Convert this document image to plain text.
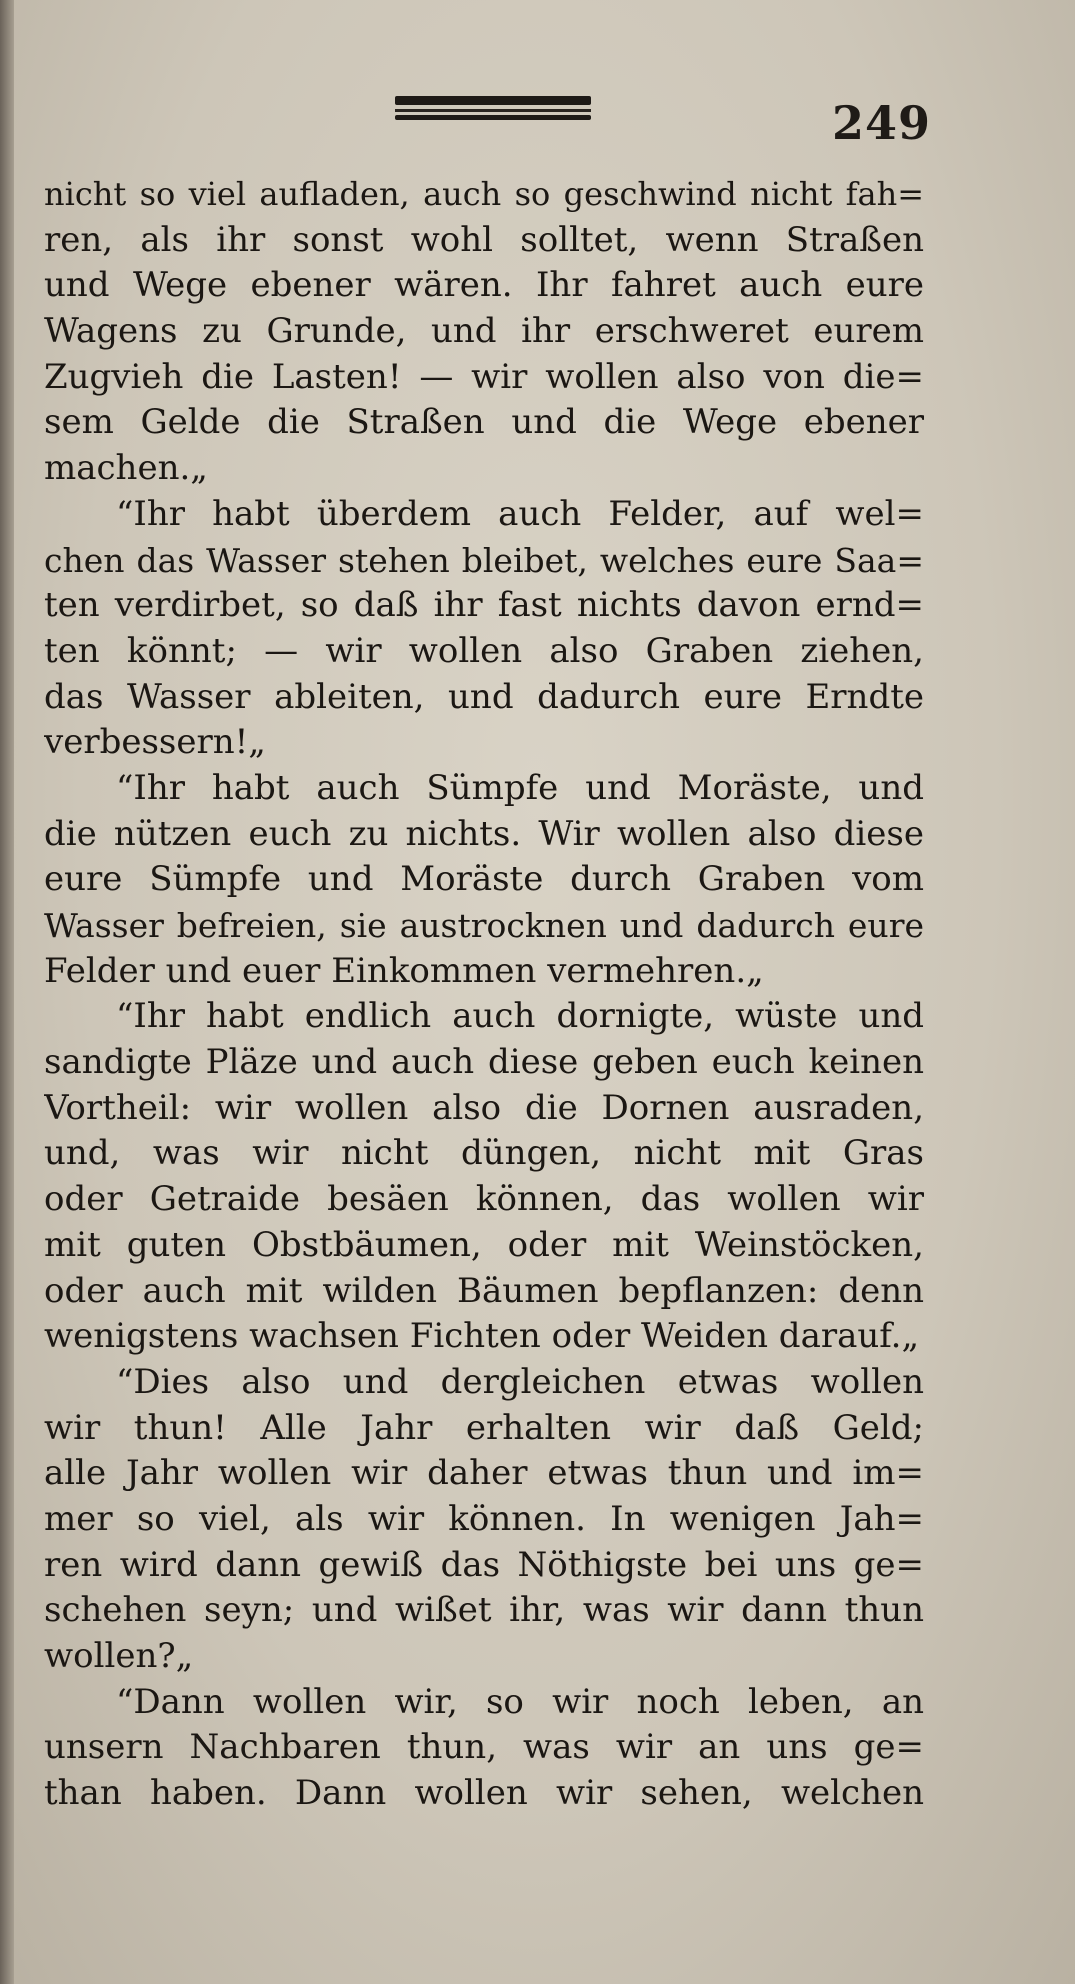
249
nicht so viel aufladen, auch so geschwind nicht fah=
ren, als ihr sonst wohl solltet, wenn Straßen
und Wege ebener wären. Ihr fahret auch eure
Wagens zu Grunde, und ihr erschweret eurem
Zugvieh die Lasten! — wir wollen also von die=
sem Gelde die Straßen und die Wege ebener
machen.„
“Ihr habt überdem auch Felder, auf wel=
chen das Wasser stehen bleibet, welches eure Saa=
ten verdirbet, so daß ihr fast nichts davon ernd=
ten könnt; — wir wollen also Graben ziehen,
das Wasser ableiten, und dadurch eure Erndte
verbessern!„
“Ihr habt auch Sümpfe und Moräste, und
die nützen euch zu nichts. Wir wollen also diese
eure Sümpfe und Moräste durch Graben vom
Wasser befreien, sie austrocknen und dadurch eure
Felder und euer Einkommen vermehren.„
“Ihr habt endlich auch dornigte, wüste und
sandigte Pläze und auch diese geben euch keinen
Vortheil: wir wollen also die Dornen ausraden,
und, was wir nicht düngen, nicht mit Gras
oder Getraide besäen können, das wollen wir
mit guten Obstbäumen, oder mit Weinstöcken,
oder auch mit wilden Bäumen bepflanzen: denn
wenigstens wachsen Fichten oder Weiden darauf.„
“Dies also und dergleichen etwas wollen
wir thun! Alle Jahr erhalten wir daß Geld;
alle Jahr wollen wir daher etwas thun und im=
mer so viel, als wir können. In wenigen Jah=
ren wird dann gewiß das Nöthigste bei uns ge=
schehen seyn; und wißet ihr, was wir dann thun
wollen?„
“Dann wollen wir, so wir noch leben, an
unsern Nachbaren thun, was wir an uns ge=
than haben. Dann wollen wir sehen, welchen
